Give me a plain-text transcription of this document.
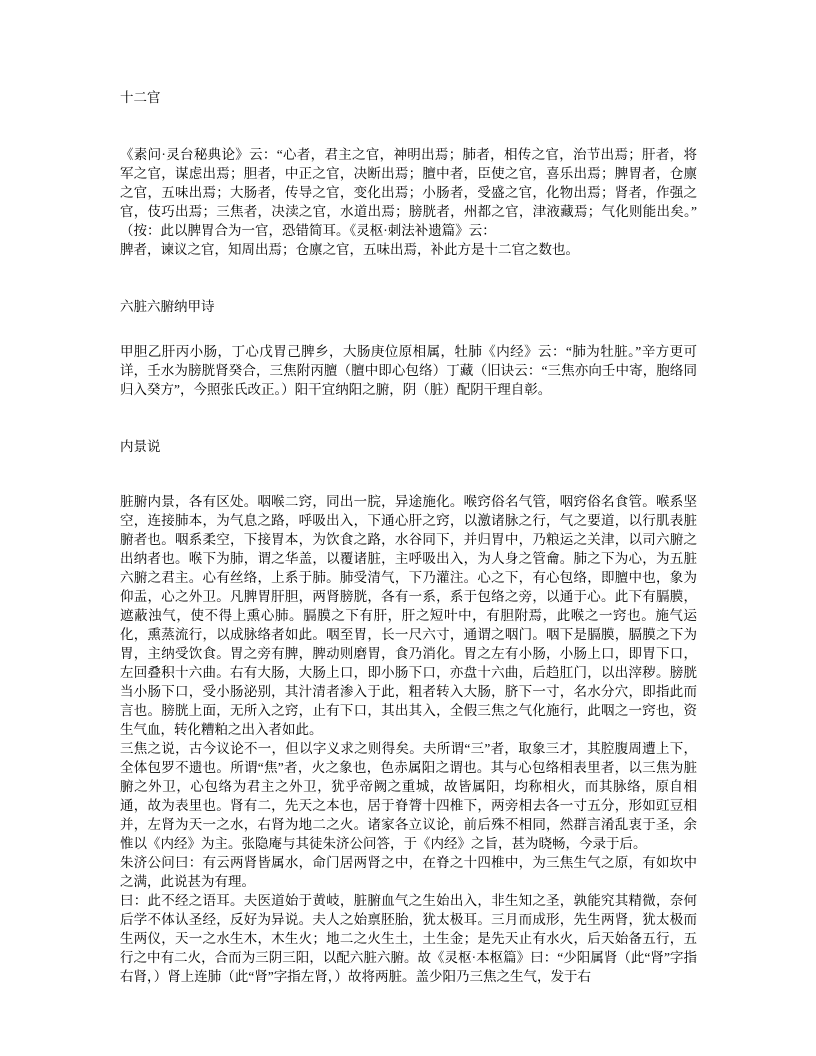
十二官

《素问·灵台秘典论》云：“心者，君主之官，神明出焉；肺者，相传之官，治节出焉；肝者，将军之官，谋虑出焉；胆者，中正之官，决断出焉；膻中者，臣使之官，喜乐出焉；脾胃者，仓廪之官，五味出焉；大肠者，传导之官，变化出焉；小肠者，受盛之官，化物出焉；肾者，作强之官，伎巧出焉；三焦者，决渎之官，水道出焉；膀胱者，州都之官，津液藏焉；气化则能出矣。”（按：此以脾胃合为一官，恐错简耳。《灵枢·刺法补遗篇》云：

脾者，谏议之官，知周出焉；仓廪之官，五味出焉，补此方是十二官之数也。

六脏六腑纳甲诗

甲胆乙肝丙小肠，丁心戊胃己脾乡，大肠庚位原相属，牡肺《内经》云：“肺为牡脏。”辛方更可详，壬水为膀胱肾癸合，三焦附丙膻（膻中即心包络）丁藏（旧诀云：“三焦亦向壬中寄，胞络同归入癸方”，今照张氏改正。）阳干宜纳阳之腑，阴（脏）配阴干理自彰。

内景说

脏腑内景，各有区处。咽喉二窍，同出一脘，异途施化。喉窍俗名气管，咽窍俗名食管。喉系坚空，连接肺本，为气息之路，呼吸出入，下通心肝之窍，以激诸脉之行，气之要道，以行肌表脏腑者也。咽系柔空，下接胃本，为饮食之路，水谷同下，并归胃中，乃粮运之关津，以司六腑之出纳者也。喉下为肺，谓之华盖，以覆诸脏，主呼吸出入，为人身之管龠。肺之下为心，为五脏六腑之君主。心有丝络，上系于肺。肺受清气，下乃灌注。心之下，有心包络，即膻中也，象为仰盂，心之外卫。凡脾胃肝胆，两肾膀胱，各有一系，系于包络之旁，以通于心。此下有膈膜，遮蔽浊气，使不得上熏心肺。膈膜之下有肝，肝之短叶中，有胆附焉，此喉之一窍也。施气运化，熏蒸流行，以成脉络者如此。咽至胃，长一尺六寸，通谓之咽门。咽下是膈膜，膈膜之下为胃，主纳受饮食。胃之旁有脾，脾动则磨胃，食乃消化。胃之左有小肠，小肠上口，即胃下口，左回叠积十六曲。右有大肠，大肠上口，即小肠下口，亦盘十六曲，后趋肛门，以出滓秽。膀胱当小肠下口，受小肠泌别，其汁清者渗入于此，粗者转入大肠，脐下一寸，名水分穴，即指此而言也。膀胱上面，无所入之窍，止有下口，其出其入，全假三焦之气化施行，此咽之一窍也，资生气血，转化糟粕之出入者如此。

三焦之说，古今议论不一，但以字义求之则得矣。夫所谓“三”者，取象三才，其腔腹周遭上下，全体包罗不遗也。所谓“焦”者，火之象也，色赤属阳之谓也。其与心包络相表里者，以三焦为脏腑之外卫，心包络为君主之外卫，犹乎帝阙之重城，故皆属阳，均称相火，而其脉络，原自相通，故为表里也。肾有二，先天之本也，居于脊膂十四椎下，两旁相去各一寸五分，形如豇豆相并，左肾为天一之水，右肾为地二之火。诸家各立议论，前后殊不相同，然群言淆乱衷于圣，余惟以《内经》为主。张隐庵与其徒朱济公问答，于《内经》之旨，甚为晓畅，今录于后。

朱济公问曰：有云两肾皆属水，命门居两肾之中，在脊之十四椎中，为三焦生气之原，有如坎中之满，此说甚为有理。

曰：此不经之语耳。夫医道始于黄岐，脏腑血气之生始出入，非生知之圣，孰能究其精微，奈何后学不体认圣经，反好为异说。夫人之始禀胚胎，犹太极耳。三月而成形，先生两肾，犹太极而生两仪，天一之水生木，木生火；地二之火生土，土生金；是先天止有水火，后天始备五行，五行之中有二火，合而为三阴三阳，以配六脏六腑。故《灵枢·本枢篇》曰：“少阳属肾（此“肾”字指右肾，）肾上连肺（此“肾”字指左肾，）故将两脏。盖少阳乃三焦之生气，发于右
